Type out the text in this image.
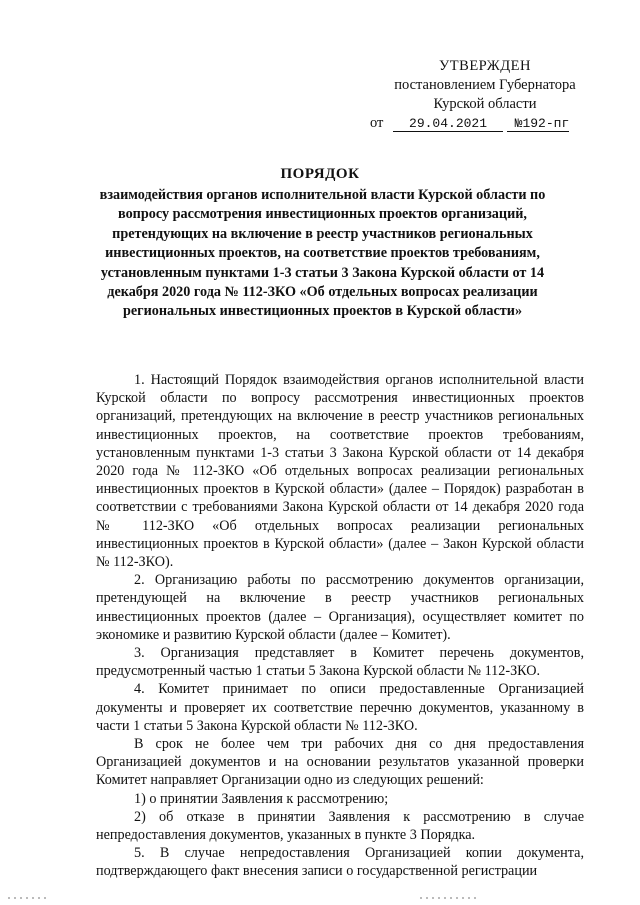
УТВЕРЖДЕН
постановлением Губернатора
Курской области
от 29.04.2021 №192-пг
ПОРЯДОК
взаимодействия органов исполнительной власти Курской области по вопросу рассмотрения инвестиционных проектов организаций, претендующих на включение в реестр участников региональных инвестиционных проектов, на соответствие проектов требованиям, установленным пунктами 1-3 статьи 3 Закона Курской области от 14 декабря 2020 года № 112-ЗКО «Об отдельных вопросах реализации региональных инвестиционных проектов в Курской области»

1. Настоящий Порядок взаимодействия органов исполнительной власти Курской области по вопросу рассмотрения инвестиционных проектов организаций, претендующих на включение в реестр участников региональных инвестиционных проектов, на соответствие проектов требованиям, установленным пунктами 1-3 статьи 3 Закона Курской области от 14 декабря 2020 года № 112-ЗКО «Об отдельных вопросах реализации региональных инвестиционных проектов в Курской области» (далее – Порядок) разработан в соответствии с требованиями Закона Курской области от 14 декабря 2020 года № 112-ЗКО «Об отдельных вопросах реализации региональных инвестиционных проектов в Курской области» (далее – Закон Курской области № 112-ЗКО).

2. Организацию работы по рассмотрению документов организации, претендующей на включение в реестр участников региональных инвестиционных проектов (далее – Организация), осуществляет комитет по экономике и развитию Курской области (далее – Комитет).

3. Организация представляет в Комитет перечень документов, предусмотренный частью 1 статьи 5 Закона Курской области № 112-ЗКО.

4. Комитет принимает по описи предоставленные Организацией документы и проверяет их соответствие перечню документов, указанному в части 1 статьи 5 Закона Курской области № 112-ЗКО.

В срок не более чем три рабочих дня со дня предоставления Организацией документов и на основании результатов указанной проверки Комитет направляет Организации одно из следующих решений:

1) о принятии Заявления к рассмотрению;

2) об отказе в принятии Заявления к рассмотрению в случае непредоставления документов, указанных в пункте 3 Порядка.

5. В случае непредоставления Организацией копии документа, подтверждающего факт внесения записи о государственной регистрации
